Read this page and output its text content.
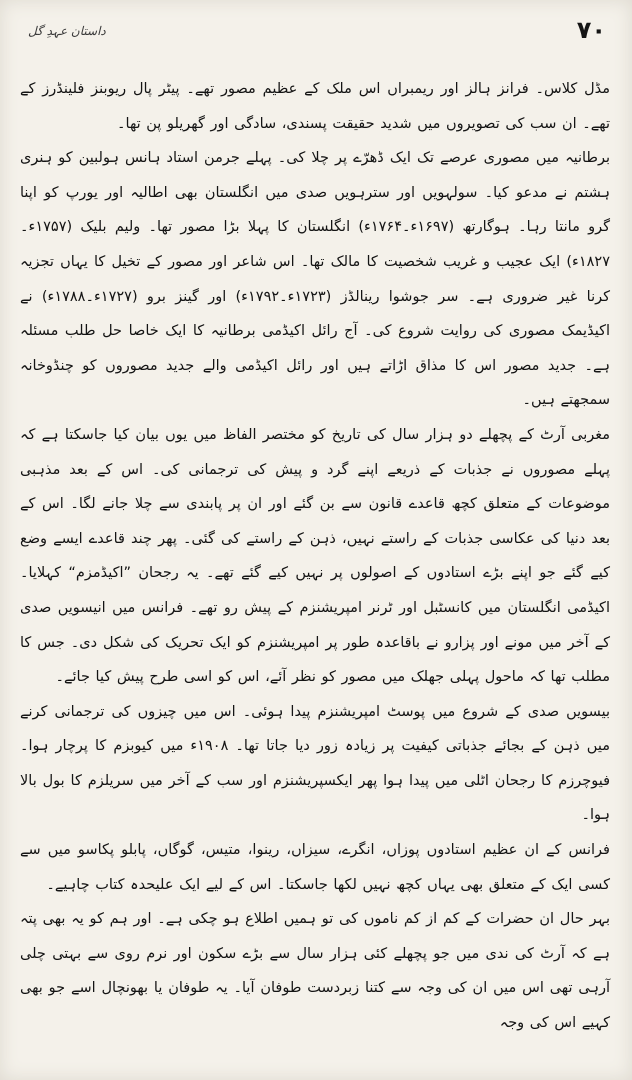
۷۰
داستان عہدِ گل

مڈل کلاس۔ فرانز ہالز اور ریمبراں اس ملک کے عظیم مصور تھے۔ پیٹر پال ریوبنز فلینڈرز کے تھے۔ ان سب کی تصویروں میں شدید حقیقت پسندی، سادگی اور گھریلو پن تھا۔

برطانیہ میں مصوری عرصے تک ایک ڈھرّے پر چلا کی۔ پہلے جرمن استاد ہانس ہولبین کو ہنری ہشتم نے مدعو کیا۔ سولہویں اور سترہویں صدی میں انگلستان بھی اطالیہ اور یورپ کو اپنا گرو مانتا رہا۔ ہوگارتھ (۱۶۹۷ء۔۱۷۶۴ء) انگلستان کا پہلا بڑا مصور تھا۔ ولیم بلیک (۱۷۵۷ء۔۱۸۲۷ء) ایک عجیب و غریب شخصیت کا مالک تھا۔ اس شاعر اور مصور کے تخیل کا یہاں تجزیہ کرنا غیر ضروری ہے۔ سر جوشوا رینالڈز (۱۷۲۳ء۔۱۷۹۲ء) اور گینز برو (۱۷۲۷ء۔۱۷۸۸ء) نے اکیڈیمک مصوری کی روایت شروع کی۔ آج رائل اکیڈمی برطانیہ کا ایک خاصا حل طلب مسئلہ ہے۔ جدید مصور اس کا مذاق اڑاتے ہیں اور رائل اکیڈمی والے جدید مصوروں کو چنڈوخانہ سمجھتے ہیں۔

مغربی آرٹ کے پچھلے دو ہزار سال کی تاریخ کو مختصر الفاظ میں یوں بیان کیا جاسکتا ہے کہ پہلے مصوروں نے جذبات کے ذریعے اپنے گرد و پیش کی ترجمانی کی۔ اس کے بعد مذہبی موضوعات کے متعلق کچھ قاعدے قانون سے بن گئے اور ان پر پابندی سے چلا جانے لگا۔ اس کے بعد دنیا کی عکاسی جذبات کے راستے نہیں، ذہن کے راستے کی گئی۔ پھر چند قاعدے ایسے وضع کیے گئے جو اپنے بڑے استادوں کے اصولوں پر نہیں کیے گئے تھے۔ یہ رجحان ”اکیڈمزم“ کہلایا۔ اکیڈمی انگلستان میں کانسٹبل اور ٹرنر امپریشنزم کے پیش رو تھے۔ فرانس میں انیسویں صدی کے آخر میں مونے اور پزارو نے باقاعدہ طور پر امپریشنزم کو ایک تحریک کی شکل دی۔ جس کا مطلب تھا کہ ماحول پہلی جھلک میں مصور کو نظر آئے، اس کو اسی طرح پیش کیا جائے۔

بیسویں صدی کے شروع میں پوسٹ امپریشنزم پیدا ہوئی۔ اس میں چیزوں کی ترجمانی کرنے میں ذہن کے بجائے جذباتی کیفیت پر زیادہ زور دیا جاتا تھا۔ ۱۹۰۸ء میں کیوبزم کا پرچار ہوا۔ فیوچرزم کا رجحان اٹلی میں پیدا ہوا پھر ایکسپریشنزم اور سب کے آخر میں سریلزم کا بول بالا ہوا۔

فرانس کے ان عظیم استادوں پوزاں، انگرے، سیزاں، رینوا، متیس، گوگاں، پابلو پکاسو میں سے کسی ایک کے متعلق بھی یہاں کچھ نہیں لکھا جاسکتا۔ اس کے لیے ایک علیحدہ کتاب چاہیے۔

بہر حال ان حضرات کے کم از کم ناموں کی تو ہمیں اطلاع ہو چکی ہے۔ اور ہم کو یہ بھی پتہ ہے کہ آرٹ کی ندی میں جو پچھلے کئی ہزار سال سے بڑے سکون اور نرم روی سے بہتی چلی آرہی تھی اس میں ان کی وجہ سے کتنا زبردست طوفان آیا۔ یہ طوفان یا بھونچال اسے جو بھی کہیے اس کی وجہ
